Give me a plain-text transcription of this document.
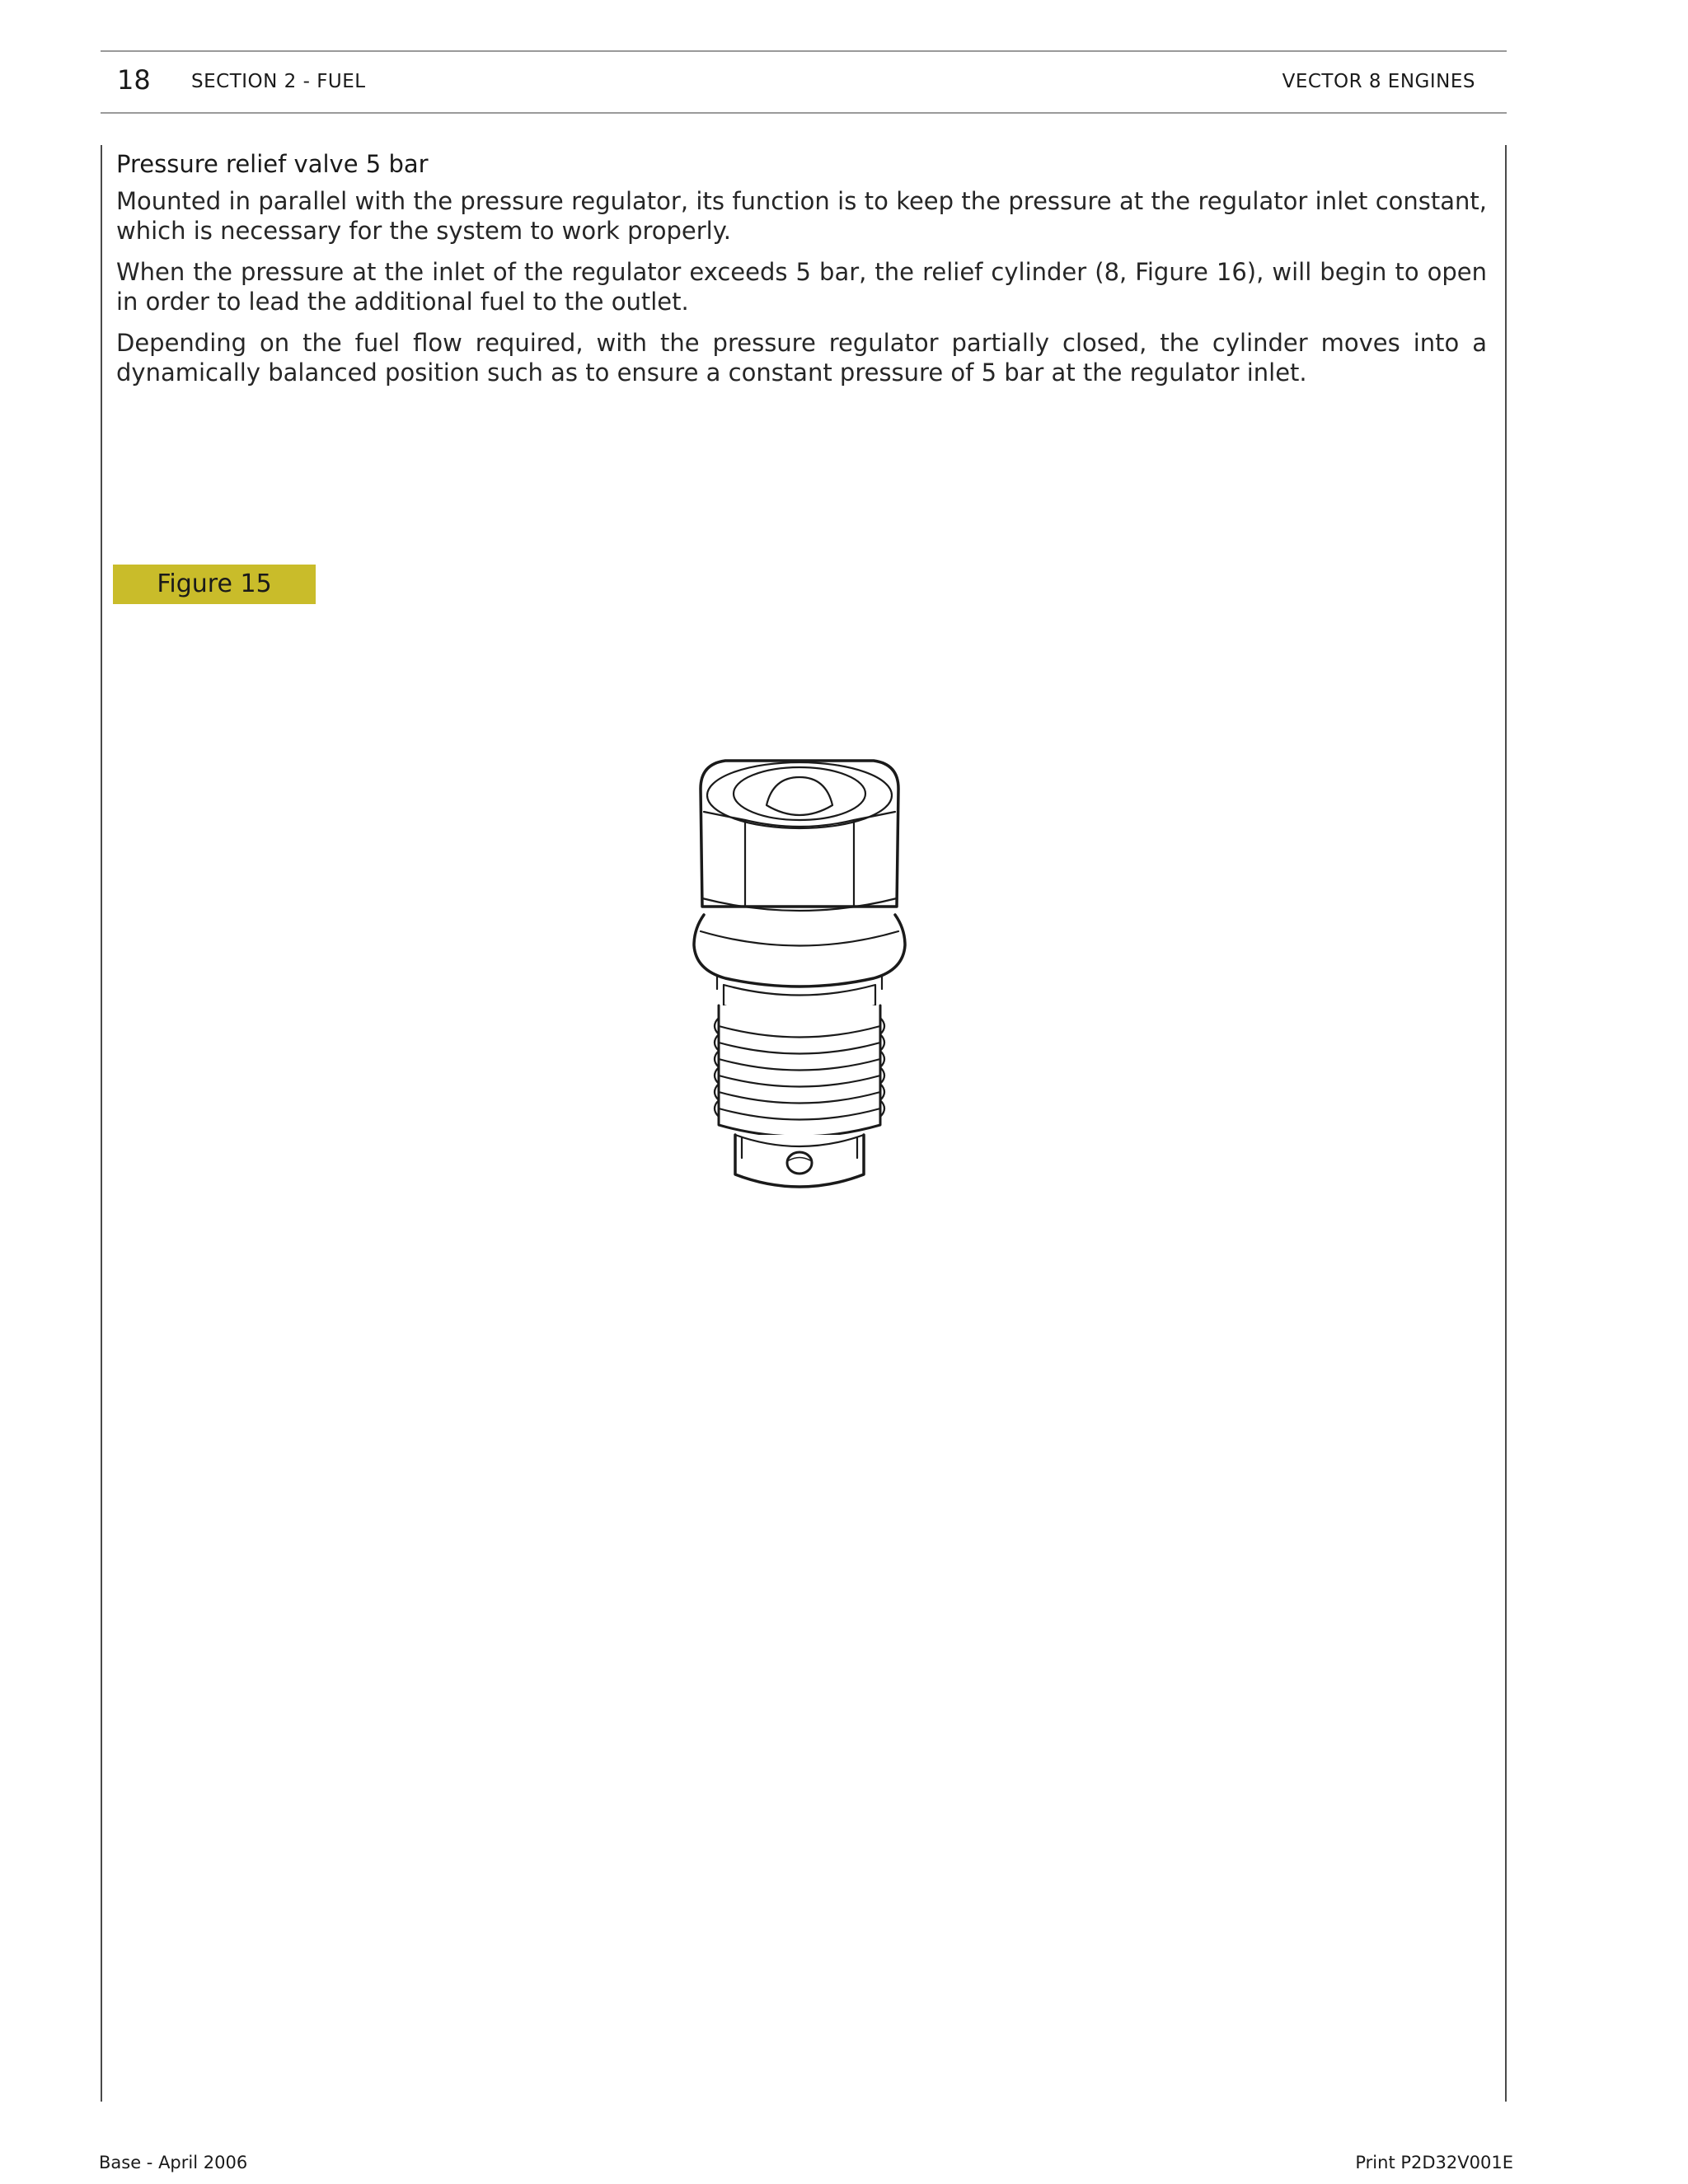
18 SECTION 2 - FUEL	VECTOR 8 ENGINES
Pressure relief valve 5 bar

Mounted in parallel with the pressure regulator, its function is to keep the pressure at the regulator inlet constant, which is necessary for the system to work properly.

When the pressure at the inlet of the regulator exceeds 5 bar, the relief cylinder (8, Figure 16), will begin to open in order to lead the additional fuel to the outlet.

Depending on the fuel flow required, with the pressure regulator partially closed, the cylinder moves into a dynamically balanced position such as to ensure a constant pressure of 5 bar at the regulator inlet.

Figure 15
Base - April 2006	Print P2D32V001E
